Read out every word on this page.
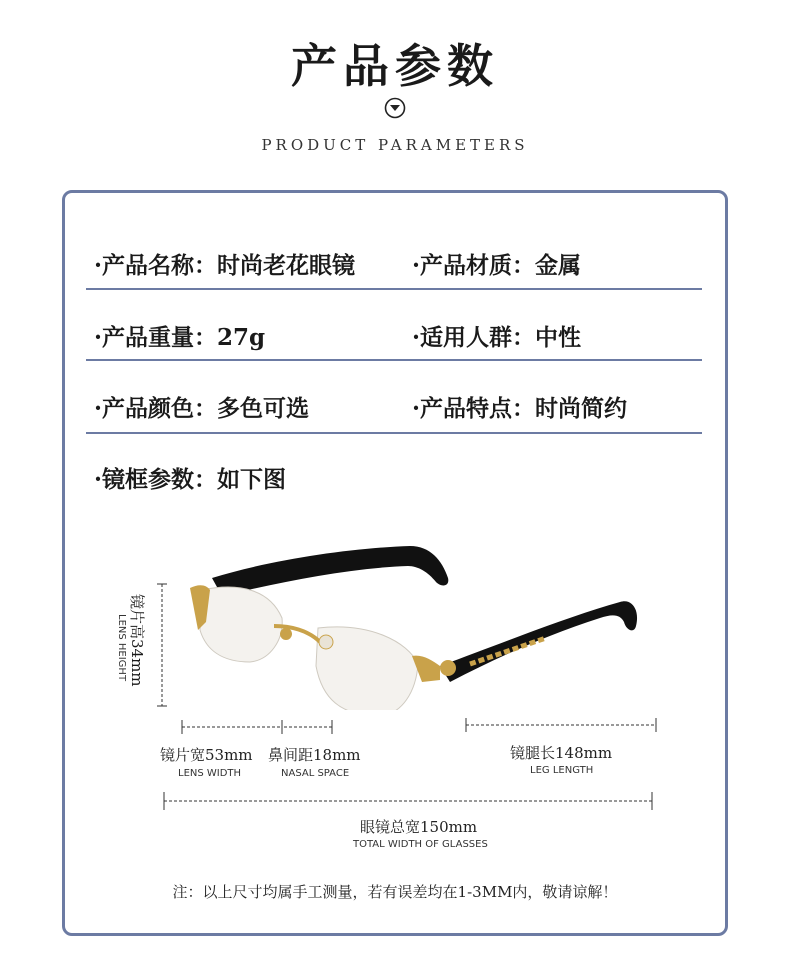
产品参数
PRODUCT PARAMETERS
·产品名称：时尚老花眼镜 ·产品材质：金属
·产品重量：27g	·适用人群：中性
·产品颜色：多色可选	·产品特点：时尚简约
·镜框参数：如下图
镜片高34mm
LENS HEIGHT
镜片宽53mm
LENS WIDTH
鼻间距18mm
NASAL SPACE
镜腿长148mm
LEG LENGTH
眼镜总宽150mm
TOTAL WIDTH OF GLASSES
注：以上尺寸均属手工测量，若有误差均在1-3MM内，敬请谅解！
